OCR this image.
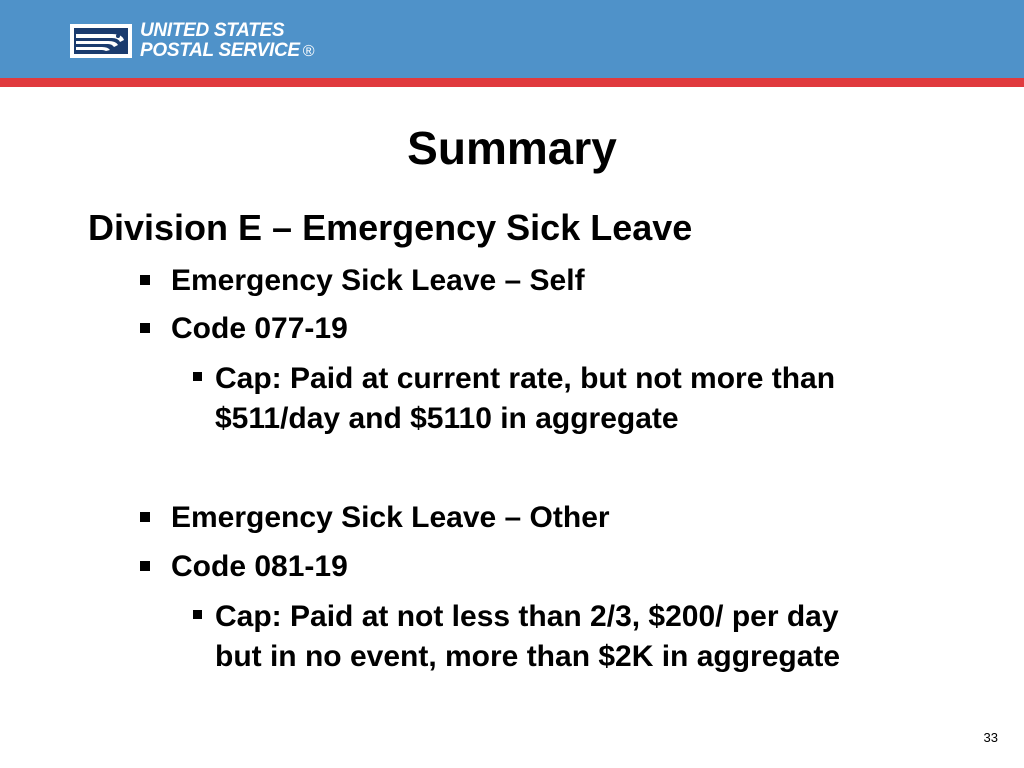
UNITED STATES
POSTAL SERVICE ®
Summary
Division E – Emergency Sick Leave
Emergency Sick Leave – Self
Code 077-19
Cap: Paid at current rate, but not more than
$511/day and $5110 in aggregate
Emergency Sick Leave – Other
Code 081-19
Cap: Paid at not less than 2/3, $200/ per day
but in no event, more than $2K in aggregate
33
